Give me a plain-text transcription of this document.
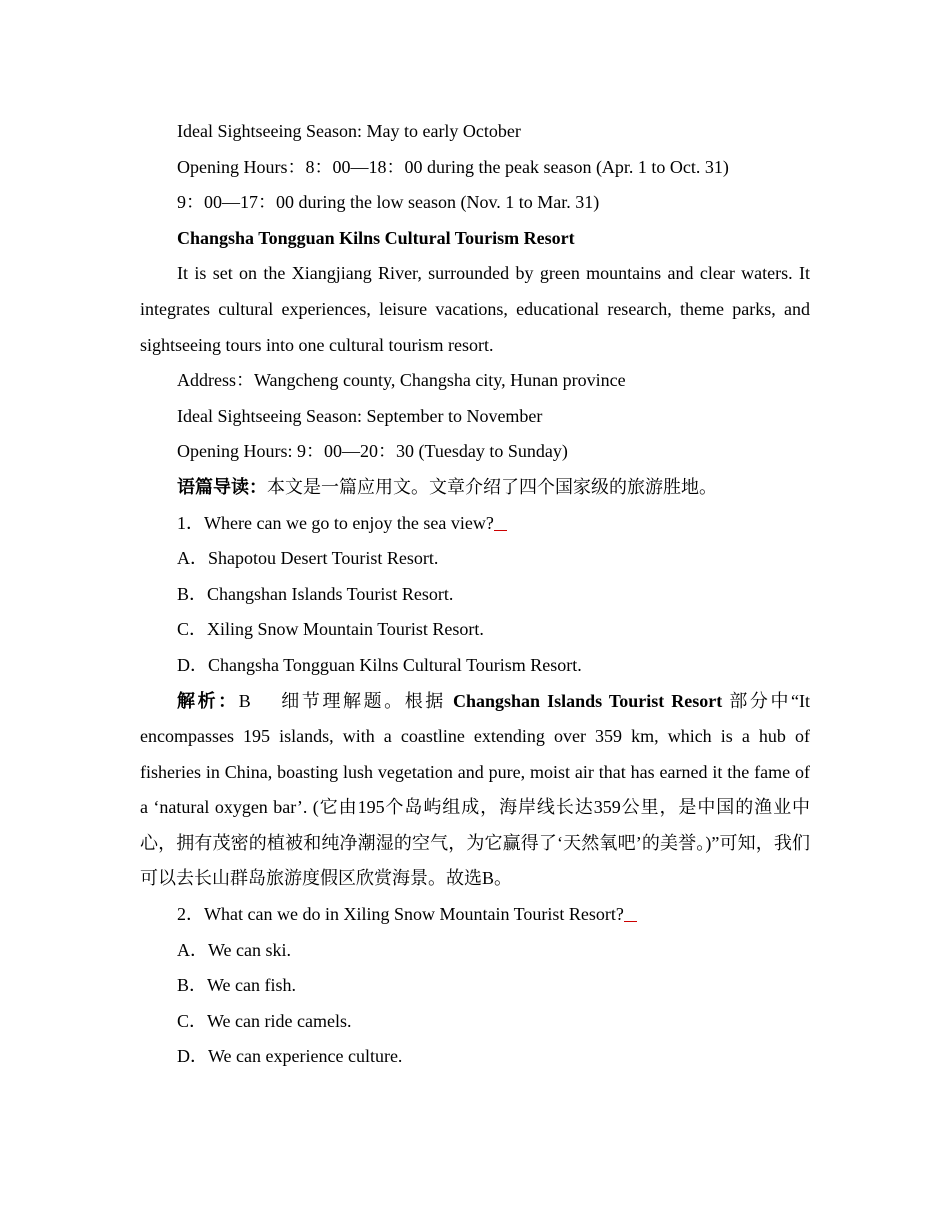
Ideal Sightseeing Season: May to early October

Opening Hours：8：00—18：00 during the peak season (Apr. 1 to Oct. 31)

9：00—17：00 during the low season (Nov. 1 to Mar. 31)

Changsha Tongguan Kilns Cultural Tourism Resort

It is set on the Xiangjiang River, surrounded by green mountains and clear waters. It integrates cultural experiences, leisure vacations, educational research, theme parks, and sightseeing tours into one cultural tourism resort.

Address：Wangcheng county, Changsha city, Hunan province

Ideal Sightseeing Season: September to November

Opening Hours: 9：00—20：30 (Tuesday to Sunday)

语篇导读：本文是一篇应用文。文章介绍了四个国家级的旅游胜地。

1．Where can we go to enjoy the sea view?

A．Shapotou Desert Tourist Resort.

B．Changshan Islands Tourist Resort.

C．Xiling Snow Mountain Tourist Resort.

D．Changsha Tongguan Kilns Cultural Tourism Resort.

解析：B 细节理解题。根据 Changshan Islands Tourist Resort 部分中“It encompasses 195 islands, with a coastline extending over 359 km, which is a hub of fisheries in China, boasting lush vegetation and pure, moist air that has earned it the fame of a ‘natural oxygen bar’. (它由195个岛屿组成，海岸线长达359公里，是中国的渔业中心，拥有茂密的植被和纯净潮湿的空气，为它赢得了‘天然氧吧’的美誉。)”可知，我们可以去长山群岛旅游度假区欣赏海景。故选B。

2．What can we do in Xiling Snow Mountain Tourist Resort?

A．We can ski.

B．We can fish.

C．We can ride camels.

D．We can experience culture.
